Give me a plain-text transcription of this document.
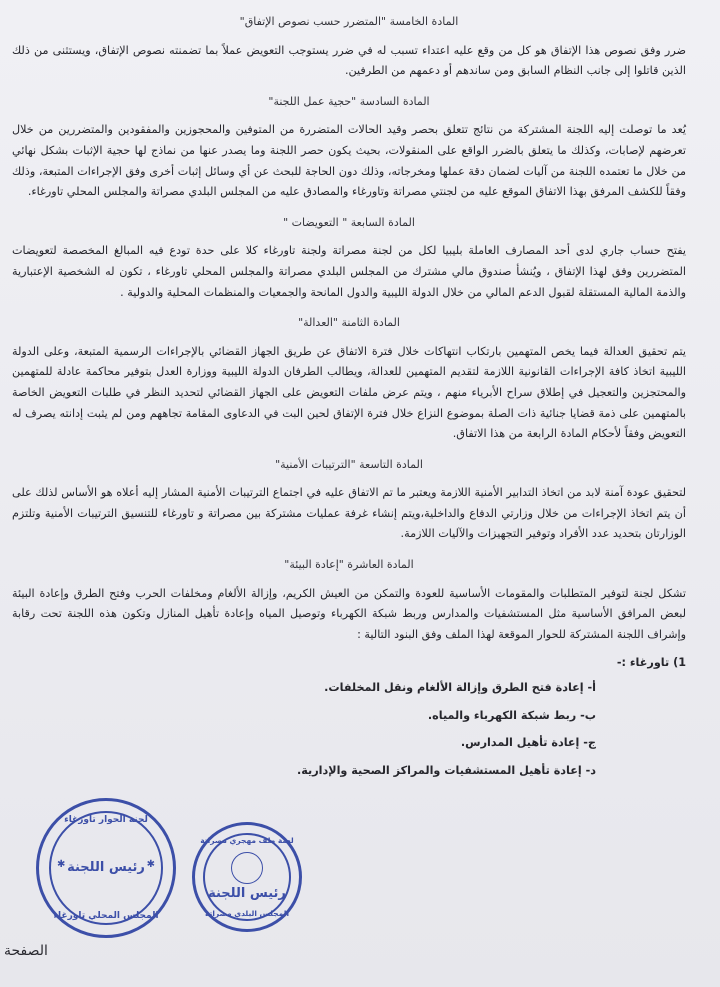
المادة الخامسة "المتضرر حسب نصوص الإتفاق"

ضرر وفق نصوص هذا الإتفاق هو كل من وقع عليه اعتداء تسبب له في ضرر يستوجب التعويض عملاً بما تضمنته نصوص الإتفاق، ويستثنى من ذلك الذين قاتلوا إلى جانب النظام السابق ومن ساندهم أو دعمهم من الطرفين.

المادة السادسة "حجية عمل اللجنة"

يُعد ما توصلت إليه اللجنة المشتركة من نتائج تتعلق بحصر وقيد الحالات المتضررة من المتوفين والمحجوزين والمفقودين والمتضررين من خلال تعرضهم لإصابات، وكذلك ما يتعلق بالضرر الواقع على المنقولات، بحيث يكون حصر اللجنة وما يصدر عنها من نماذج لها حجية الإثبات بشكل نهائي من خلال ما تعتمده اللجنة من آليات لضمان دقة عملها ومخرجاته، وذلك دون الحاجة للبحث عن أي وسائل إثبات أخرى وفق الإجراءات المتبعة، وذلك وفقاً للكشف المرفق بهذا الاتفاق الموقع عليه من لجنتي مصراتة وتاورغاء والمصادق عليه من المجلس البلدي مصراتة والمجلس المحلي تاورغاء.

المادة السابعة " التعويضات "

يفتح حساب جاري لدى أحد المصارف العاملة بليبيا لكل من لجنة مصراتة ولجنة تاورغاء كلا على حدة تودع فيه المبالغ المخصصة لتعويضات المتضررين وفق لهذا الإتفاق ، ويُنشأ صندوق مالي مشترك من المجلس البلدي مصراتة والمجلس المحلي تاورغاء ، تكون له الشخصية الإعتبارية والذمة المالية المستقلة لقبول الدعم المالي من خلال الدولة الليبية والدول المانحة والجمعيات والمنظمات المحلية والدولية .

المادة الثامنة "العدالة"

يتم تحقيق العدالة فيما يخص المتهمين بارتكاب انتهاكات خلال فترة الاتفاق عن طريق الجهاز القضائي بالإجراءات الرسمية المتبعة، وعلى الدولة الليبية اتخاذ كافة الإجراءات القانونية اللازمة لتقديم المتهمين للعدالة، ويطالب الطرفان الدولة الليبية ووزارة العدل بتوفير محاكمة عادلة للمتهمين والمحتجزين والتعجيل في إطلاق سراح الأبرياء منهم ، ويتم عرض ملفات التعويض على الجهاز القضائي لتحديد النظر في طلبات التعويض الخاصة بالمتهمين على ذمة قضايا جنائية ذات الصلة بموضوع النزاع خلال فترة الإتفاق لحين البت في الدعاوى المقامة تجاههم ومن لم يثبت إدانته يصرف له التعويض وفقاً لأحكام المادة الرابعة من هذا الاتفاق.

المادة التاسعة "الترتيبات الأمنية"

لتحقيق عودة آمنة لابد من اتخاذ التدابير الأمنية اللازمة ويعتبر ما تم الاتفاق عليه في اجتماع الترتيبات الأمنية المشار إليه أعلاه هو الأساس لذلك على أن يتم اتخاذ الإجراءات من خلال وزارتي الدفاع والداخلية،ويتم إنشاء غرفة عمليات مشتركة بين مصراتة و تاورغاء للتنسيق الترتيبات الأمنية وتلتزم الوزارتان بتحديد عدد الأفراد وتوفير التجهيزات والآليات اللازمة.

المادة العاشرة "إعادة البيئة"

تشكل لجنة لتوفير المتطلبات والمقومات الأساسية للعودة والتمكن من العيش الكريم، وإزالة الألغام ومخلفات الحرب وفتح الطرق وإعادة البيئة لبعض المرافق الأساسية مثل المستشفيات والمدارس وربط شبكة الكهرباء وتوصيل المياه وإعادة تأهيل المنازل وتكون هذه اللجنة تحت رقابة وإشراف اللجنة المشتركة للحوار الموقعة لهذا الملف وفق البنود التالية :

1) تاورغاء :-
أ- إعادة فتح الطرق وإزالة الألغام ونقل المخلفات.
ب- ربط شبكة الكهرباء والمياه.
ج- إعادة تأهيل المدارس.
د- إعادة تأهيل المستشفيات والمراكز الصحية والإدارية.
لجنة الحوار تاورغاء
✱	✱
رئيس اللجنة
المجلس المحلي تاورغاء
لجنة ملف مهجري مصراتة
رئيس اللجنة
المجلس البلدي مصراتة
الصفحة
